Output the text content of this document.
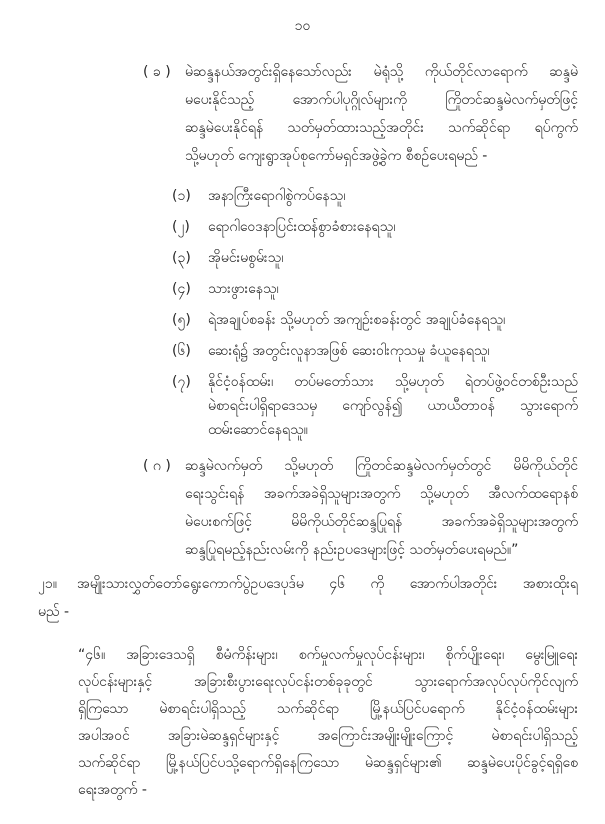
၁၀
( ခ ) မဲဆန္ဒနယ်အတွင်းရှိနေသော်လည်း မဲရုံသို့ ကိုယ်တိုင်လာရောက် ဆန္ဒမဲ
မပေးနိုင်သည့် အောက်ပါပုဂ္ဂိုလ်များကို ကြိုတင်ဆန္ဒမဲလက်မှတ်ဖြင့်
ဆန္ဒမဲပေးနိုင်ရန် သတ်မှတ်ထားသည့်အတိုင်း သက်ဆိုင်ရာ ရပ်ကွက်
သို့မဟုတ် ကျေးရွာအုပ်စုကော်မရှင်အဖွဲ့ခွဲက စီစဉ်ပေးရမည် -
(၁) အနာကြီးရောဂါစွဲကပ်နေသူ၊
(၂) ရောဂါဝေဒနာပြင်းထန်စွာခံစားနေရသူ၊
(၃) အိုမင်းမစွမ်းသူ၊
(၄) သားဖွားနေသူ၊
(၅) ရဲအချုပ်စခန်း သို့မဟုတ် အကျဉ်းစခန်းတွင် အချုပ်ခံနေရသူ၊
(၆) ဆေးရုံ၌ အတွင်းလူနာအဖြစ် ဆေးဝါးကုသမှု ခံယူနေရသူ၊
(၇) နိုင်ငံ့ဝန်ထမ်း၊ တပ်မတော်သား သို့မဟုတ် ရဲတပ်ဖွဲ့ဝင်တစ်ဦးသည်
မဲစာရင်းပါရှိရာဒေသမှ ကျော်လွန်၍ ယာယီတာဝန် သွားရောက်
ထမ်းဆောင်နေရသူ။
( ဂ ) ဆန္ဒမဲလက်မှတ် သို့မဟုတ် ကြိုတင်ဆန္ဒမဲလက်မှတ်တွင် မိမိကိုယ်တိုင်
ရေးသွင်းရန် အခက်အခဲရှိသူများအတွက် သို့မဟုတ် အီလက်ထရောနစ်
မဲပေးစက်ဖြင့် မိမိကိုယ်တိုင်ဆန္ဒပြုရန် အခက်အခဲရှိသူများအတွက်
ဆန္ဒပြုရမည့်နည်းလမ်းကို နည်းဥပဒေများဖြင့် သတ်မှတ်ပေးရမည်။”
၂၁။ အမျိုးသားလွှတ်တော်ရွေးကောက်ပွဲဥပဒေပုဒ်မ ၄၆ ကို အောက်ပါအတိုင်း အစားထိုးရ
မည် -
“၄၆။ အခြားဒေသရှိ စီမံကိန်းများ၊ စက်မှုလက်မှုလုပ်ငန်းများ၊ စိုက်ပျိုးရေး၊ မွေးမြူရေး
လုပ်ငန်းများနှင့် အခြားစီးပွားရေးလုပ်ငန်းတစ်ခုခုတွင် သွားရောက်အလုပ်လုပ်ကိုင်လျက်
ရှိကြသော မဲစာရင်းပါရှိသည့် သက်ဆိုင်ရာ မြို့နယ်ပြင်ပရောက် နိုင်ငံ့ဝန်ထမ်းများ
အပါအဝင် အခြားမဲဆန္ဒရှင်များနှင့် အကြောင်းအမျိုးမျိုးကြောင့် မဲစာရင်းပါရှိသည့်
သက်ဆိုင်ရာ မြို့နယ်ပြင်ပသို့ရောက်ရှိနေကြသော မဲဆန္ဒရှင်များ၏ ဆန္ဒမဲပေးပိုင်ခွင့်ရရှိစေ
ရေးအတွက် -
